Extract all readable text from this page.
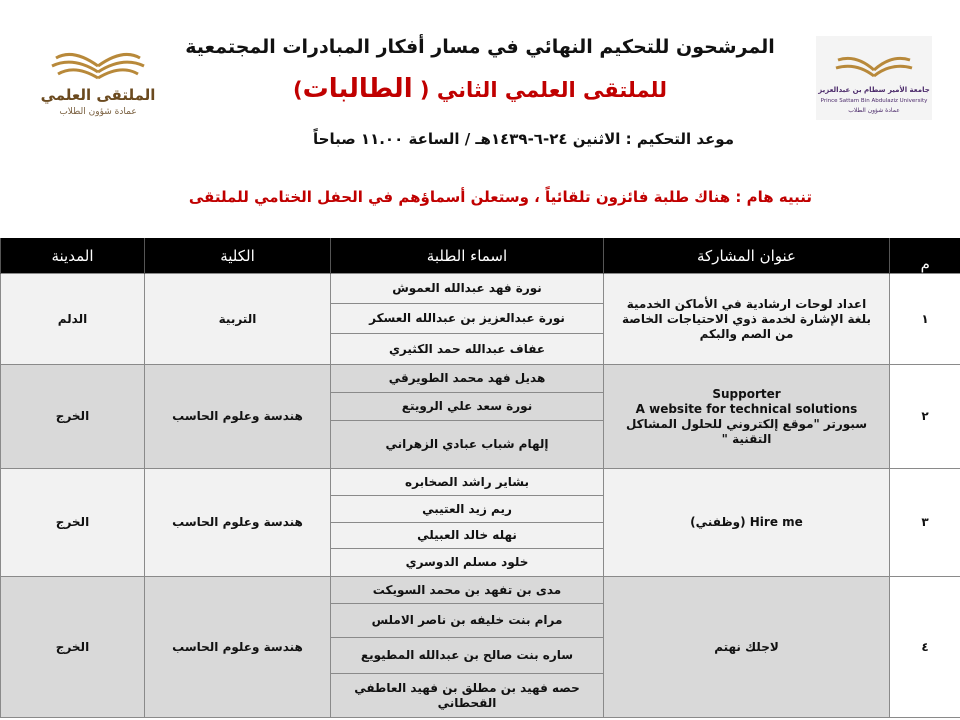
الملتقى العلمي
عمادة شؤون الطلاب
جامعة الأمير سطام بن عبدالعزيز
Prince Sattam Bin Abdulaziz University
عمادة شؤون الطلاب
المرشحون للتحكيم النهائي في مسار أفكار المبادرات المجتمعية
للملتقى العلمي الثاني ( الطالبات)
موعد التحكيم : الاثنين ٢٤-٦-١٤٣٩هـ / الساعة ١١.٠٠ صباحاً
تنبيه هام : هناك طلبة فائزون تلقائياً ، وستعلن أسماؤهم في الحفل الختامي للملتقى
المدينة	الكلية	اسماء الطلبة	عنوان المشاركة	م
الدلم	التربية	نورة فهد عبدالله العموش	اعداد لوحات ارشادية في الأماكن الخدمية
بلغة الإشارة لخدمة ذوي الاحتياجات الخاصة
من الصم والبكم	١
		نورة عبدالعزيز بن عبدالله العسكر		
		عفاف عبدالله حمد الكثيري		
الخرج	هندسة وعلوم الحاسب	هديل فهد محمد الطويرقي	Supporter
A website for technical solutions
سبورتر "موقع إلكتروني للحلول المشاكل التقنية "	٢
		نورة سعد علي الرويتع		
		إلهام شباب عبادي الزهراني		
الخرج	هندسة وعلوم الحاسب	بشاير راشد الصخابره	Hire me (وظفني)	٣
		ريم زيد العتيبي		
		نهله خالد العبيلي		
		خلود مسلم الدوسري		
الخرج	هندسة وعلوم الحاسب	مدى بن تفهد بن محمد السويكت	لاجلك نهتم	٤
		مرام بنت خليفه بن ناصر الاملس		
		ساره بنت صالح بن عبدالله المطيويع		
		حصه فهيد بن مطلق بن فهيد العاطفي القحطاني		
